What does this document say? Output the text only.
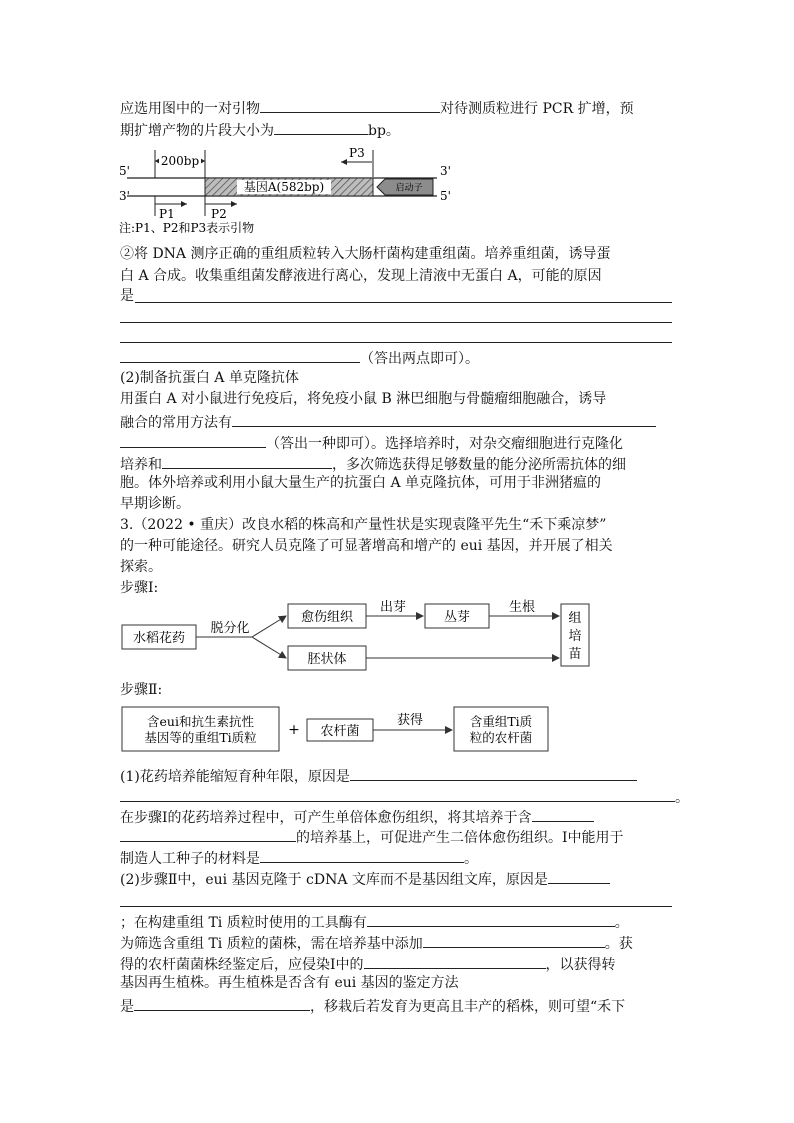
应选用图中的一对引物	对待测质粒进行 PCR 扩增，预
期扩增产物的片段大小为	bp。
基因A(582bp)	启动子
5'
3'
3'
5'
200bp
P3
P1	P2
注:P1、P2和P3表示引物
②将 DNA 测序正确的重组质粒转入大肠杆菌构建重组菌。培养重组菌，诱导蛋
白 A 合成。收集重组菌发酵液进行离心，发现上清液中无蛋白 A，可能的原因
是
（答出两点即可）。
(2)制备抗蛋白 A 单克隆抗体
用蛋白 A 对小鼠进行免疫后，将免疫小鼠 B 淋巴细胞与骨髓瘤细胞融合，诱导
融合的常用方法有
（答出一种即可）。选择培养时，对杂交瘤细胞进行克隆化
培养和	，多次筛选获得足够数量的能分泌所需抗体的细
胞。体外培养或利用小鼠大量生产的抗蛋白 A 单克隆抗体，可用于非洲猪瘟的
早期诊断。
3.（2022 • 重庆）改良水稻的株高和产量性状是实现袁隆平先生“禾下乘凉梦”
的一种可能途径。研究人员克隆了可显著增高和增产的 eui 基因，并开展了相关
探索。
步骤Ⅰ:
水稻花药
愈伤组织	丛芽
胚状体
组
培
苗
脱分化
出芽	生根
步骤Ⅱ:
含eui和抗生素抗性
基因等的重组Ti质粒 + 农杆菌
获得	含重组Ti质
粒的农杆菌
(1)花药培养能缩短育种年限，原因是
。
在步骤Ⅰ的花药培养过程中，可产生单倍体愈伤组织，将其培养于含
的培养基上，可促进产生二倍体愈伤组织。Ⅰ中能用于
制造人工种子的材料是	。
(2)步骤Ⅱ中，eui 基因克隆于 cDNA 文库而不是基因组文库，原因是
；在构建重组 Ti 质粒时使用的工具酶有	。
为筛选含重组 Ti 质粒的菌株，需在培养基中添加	。获
得的农杆菌菌株经鉴定后，应侵染Ⅰ中的	，以获得转
基因再生植株。再生植株是否含有 eui 基因的鉴定方法
是	，移栽后若发育为更高且丰产的稻株，则可望“禾下
